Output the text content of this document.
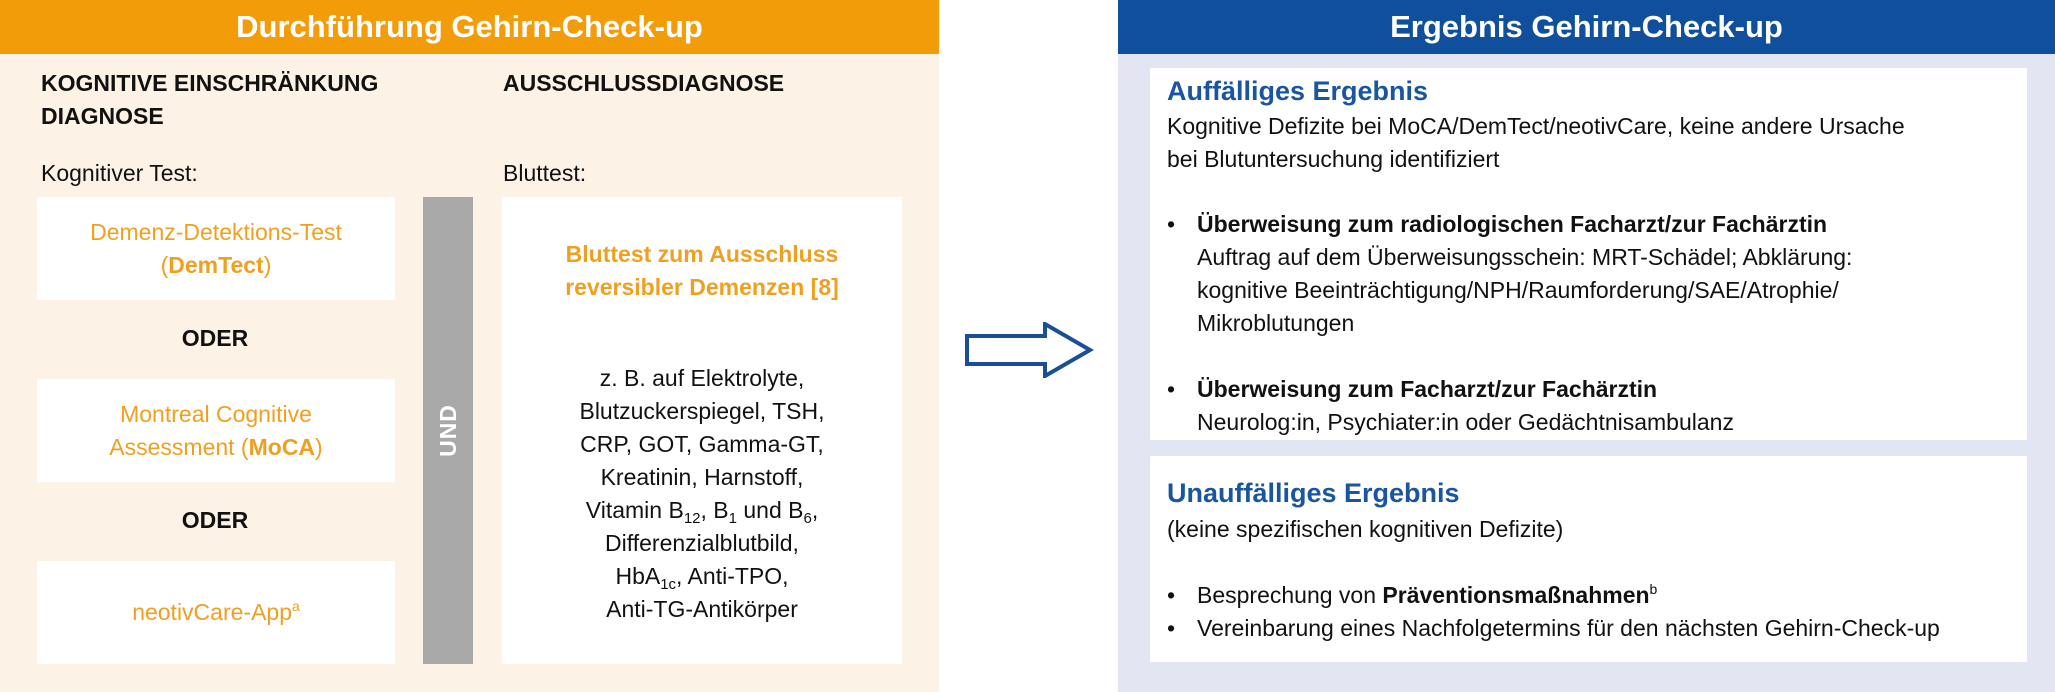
Durchführung Gehirn-Check-up
KOGNITIVE EINSCHRÄNKUNG
DIAGNOSE
Kognitiver Test:
Demenz-Detektions-Test
(DemTect)
ODER
Montreal Cognitive
Assessment (MoCA)
ODER
neotivCare-App$^a$
UND
AUSSCHLUSSDIAGNOSE
Bluttest:
Bluttest zum Ausschluss
reversibler Demenzen [8]
z. B. auf Elektrolyte,
Blutzuckerspiegel, TSH,
CRP, GOT, Gamma-GT,
Kreatinin, Harnstoff,
Vitamin $B_{12}$, $B_1$ und $B_6$,
Differenzialblutbild,
HbA$_{1c}$, Anti-TPO,
Anti-TG-Antikörper
Ergebnis Gehirn-Check-up
Auffälliges Ergebnis
Kognitive Defizite bei MoCA/DemTect/neotivCare, keine andere Ursache
bei Blutuntersuchung identifiziert
• Überweisung zum radiologischen Facharzt/zur Fachärztin
Auftrag auf dem Überweisungsschein: MRT-Schädel; Abklärung:
kognitive Beeinträchtigung/NPH/Raumforderung/SAE/Atrophie/
Mikroblutungen
• Überweisung zum Facharzt/zur Fachärztin
Neurolog:in, Psychiater:in oder Gedächtnisambulanz
Unauffälliges Ergebnis
(keine spezifischen kognitiven Defizite)
• Besprechung von Präventionsmaßnahmen$^b$
• Vereinbarung eines Nachfolgetermins für den nächsten Gehirn-Check-up
